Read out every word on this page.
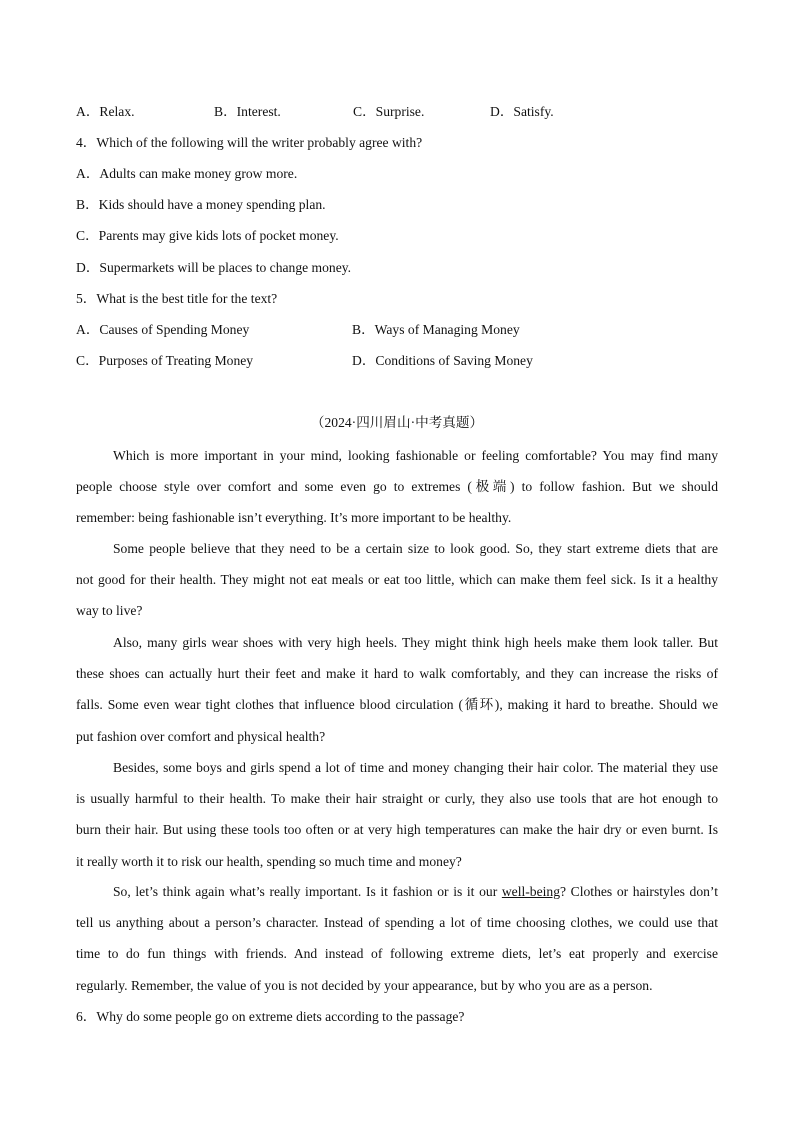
A．Relax.	B．Interest.	C．Surprise.	D．Satisfy.
4．Which of the following will the writer probably agree with?
A．Adults can make money grow more.
B．Kids should have a money spending plan.
C．Parents may give kids lots of pocket money.
D．Supermarkets will be places to change money.
5．What is the best title for the text?
A．Causes of Spending Money	B．Ways of Managing Money
C．Purposes of Treating Money	D．Conditions of Saving Money
（2024·四川眉山·中考真题）
Which is more important in your mind, looking fashionable or feeling comfortable? You may find many
people choose style over comfort and some even go to extremes (极端) to follow fashion. But we should
remember: being fashionable isn’t everything. It’s more important to be healthy.
Some people believe that they need to be a certain size to look good. So, they start extreme diets that are
not good for their health. They might not eat meals or eat too little, which can make them feel sick. Is it a healthy
way to live?
Also, many girls wear shoes with very high heels. They might think high heels make them look taller. But
these shoes can actually hurt their feet and make it hard to walk comfortably, and they can increase the risks of
falls. Some even wear tight clothes that influence blood circulation (循环), making it hard to breathe. Should we
put fashion over comfort and physical health?
Besides, some boys and girls spend a lot of time and money changing their hair color. The material they use
is usually harmful to their health. To make their hair straight or curly, they also use tools that are hot enough to
burn their hair. But using these tools too often or at very high temperatures can make the hair dry or even burnt. Is
it really worth it to risk our health, spending so much time and money?
So, let’s think again what’s really important. Is it fashion or is it our well-being? Clothes or hairstyles don’t
tell us anything about a person’s character. Instead of spending a lot of time choosing clothes, we could use that
time to do fun things with friends. And instead of following extreme diets, let’s eat properly and exercise
regularly. Remember, the value of you is not decided by your appearance, but by who you are as a person.
6．Why do some people go on extreme diets according to the passage?
